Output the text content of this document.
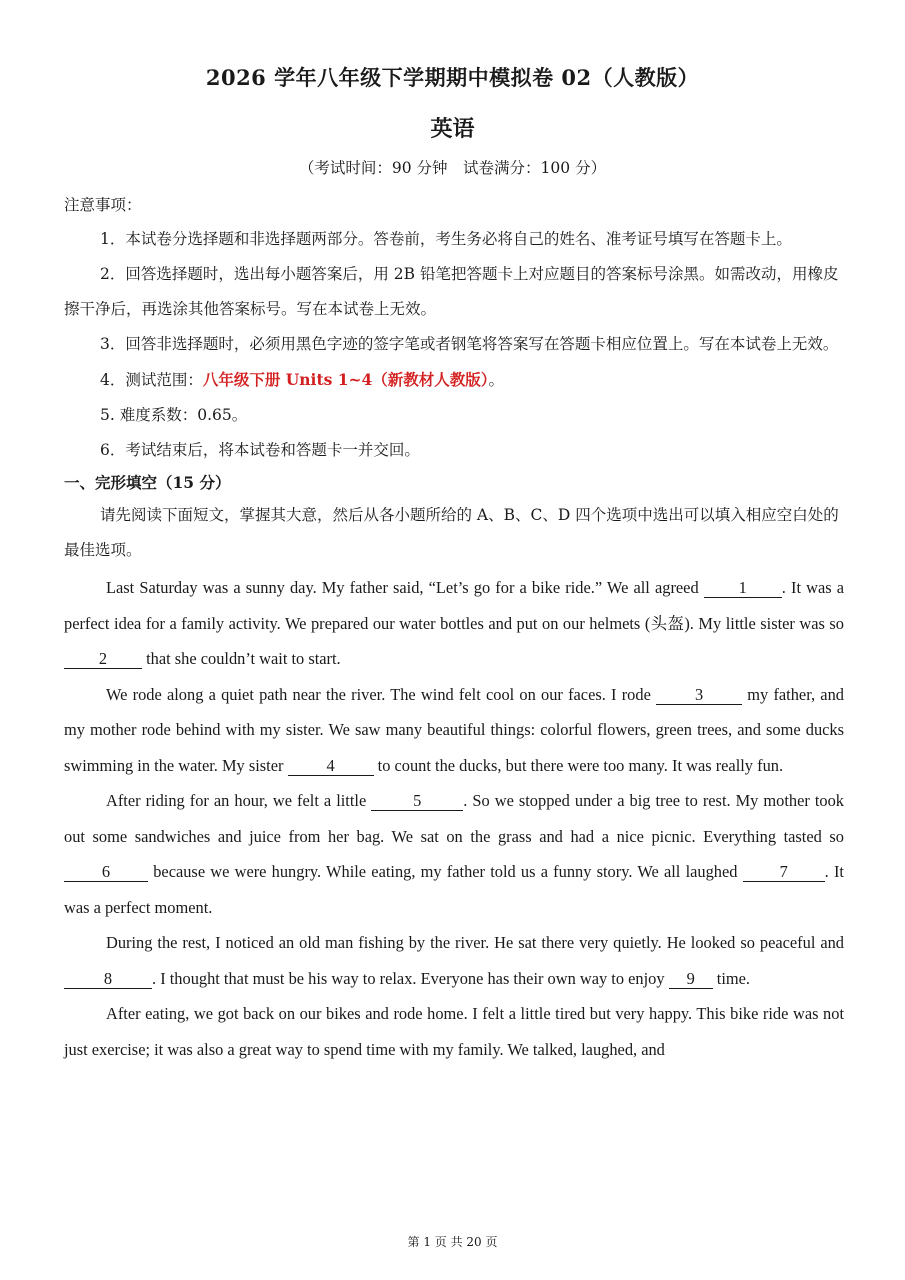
2026 学年八年级下学期期中模拟卷 02（人教版）
英语
（考试时间：90 分钟　试卷满分：100 分）
注意事项：

1．本试卷分选择题和非选择题两部分。答卷前，考生务必将自己的姓名、准考证号填写在答题卡上。

2．回答选择题时，选出每小题答案后，用 2B 铅笔把答题卡上对应题目的答案标号涂黑。如需改动，用橡皮擦干净后，再选涂其他答案标号。写在本试卷上无效。

3．回答非选择题时，必须用黑色字迹的签字笔或者钢笔将答案写在答题卡相应位置上。写在本试卷上无效。

4．测试范围：八年级下册 Units 1~4（新教材人教版）。

5. 难度系数：0.65。

6．考试结束后，将本试卷和答题卡一并交回。

一、完形填空（15 分）

请先阅读下面短文，掌握其大意，然后从各小题所给的 A、B、C、D 四个选项中选出可以填入相应空白处的最佳选项。

Last Saturday was a sunny day. My father said, “Let’s go for a bike ride.” We all agreed 1 . It was a perfect idea for a family activity. We prepared our water bottles and put on our helmets (头盔). My little sister was so 2 that she couldn’t wait to start.

We rode along a quiet path near the river. The wind felt cool on our faces. I rode	3	my father, and my mother rode behind with my sister. We saw many beautiful things: colorful flowers, green trees, and some ducks swimming in the water. My sister	4	to count the ducks, but there were too many. It was really fun.

After riding for an hour, we felt a little	5	. So we stopped under a big tree to rest. My mother took out some sandwiches and juice from her bag. We sat on the grass and had a nice picnic. Everything tasted so 6	because we were hungry. While eating, my father told us a funny story. We all laughed	7 . It was a perfect moment.

During the rest, I noticed an old man fishing by the river. He sat there very quietly. He looked so peaceful and 8 . I thought that must be his way to relax. Everyone has their own way to enjoy 9 time.

After eating, we got back on our bikes and rode home. I felt a little tired but very happy. This bike ride was not just exercise; it was also a great way to spend time with my family. We talked, laughed, and

第 1 页 共 20 页
